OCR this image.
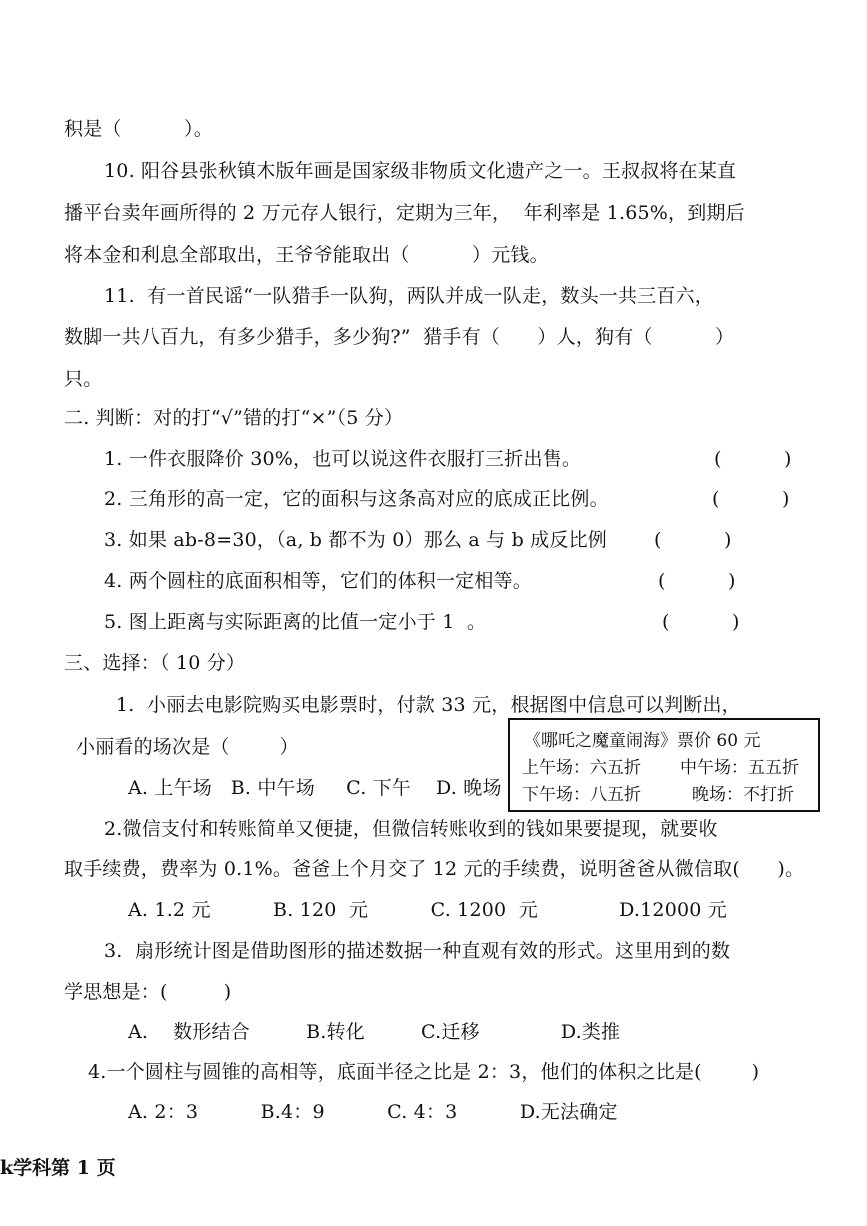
积是（          ）。
10. 阳谷县张秋镇木版年画是国家级非物质文化遗产之一。王叔叔将在某直
播平台卖年画所得的 2 万元存人银行，定期为三年，  年利率是 1.65%，到期后
将本金和利息全部取出，王爷爷能取出（          ）元钱。
11.  有一首民谣“一队猎手一队狗，两队并成一队走，数头一共三百六，
数脚一共八百九，有多少猎手，多少狗?”  猎手有（      ）人，狗有（          ）
只。
二. 判断：对的打“√”错的打“×”（5 分）
1. 一件衣服降价 30%，也可以说这件衣服打三折出售。	(          )
2. 三角形的高一定，它的面积与这条高对应的底成正比例。	(          )
3. 如果 ab-8=30，（a, b 都不为 0）那么 a 与 b 成反比例 (          )
4. 两个圆柱的底面积相等，它们的体积一定相等。	(          )
5. 图上距离与实际距离的比值一定小于 1  。	(          )
三、选择：（ 10 分）
1.  小丽去电影院购买电影票时，付款 33 元，根据图中信息可以判断出，
小丽看的场次是（        ）
A. 上午场   B. 中午场     C. 下午    D. 晚场
《哪吒之魔童闹海》票价 60 元
上午场：六五折 中午场：五五折
下午场：八五折	晚场：不打折
2.微信支付和转账简单又便捷，但微信转账收到的钱如果要提现，就要收
取手续费，费率为 0.1%。爸爸上个月交了 12 元的手续费，说明爸爸从微信取(      )。
A. 1.2 元          B. 120  元          C. 1200  元             D.12000 元
3.  扇形统计图是借助图形的描述数据一种直观有效的形式。这里用到的数
学思想是：(         )
A.    数形结合         B.转化         C.迁移             D.类推
4.一个圆柱与圆锥的高相等，底面半径之比是 2：3，他们的体积之比是(        )
A. 2：3          B.4：9          C. 4：3          D.无法确定
k学科第 1 页
